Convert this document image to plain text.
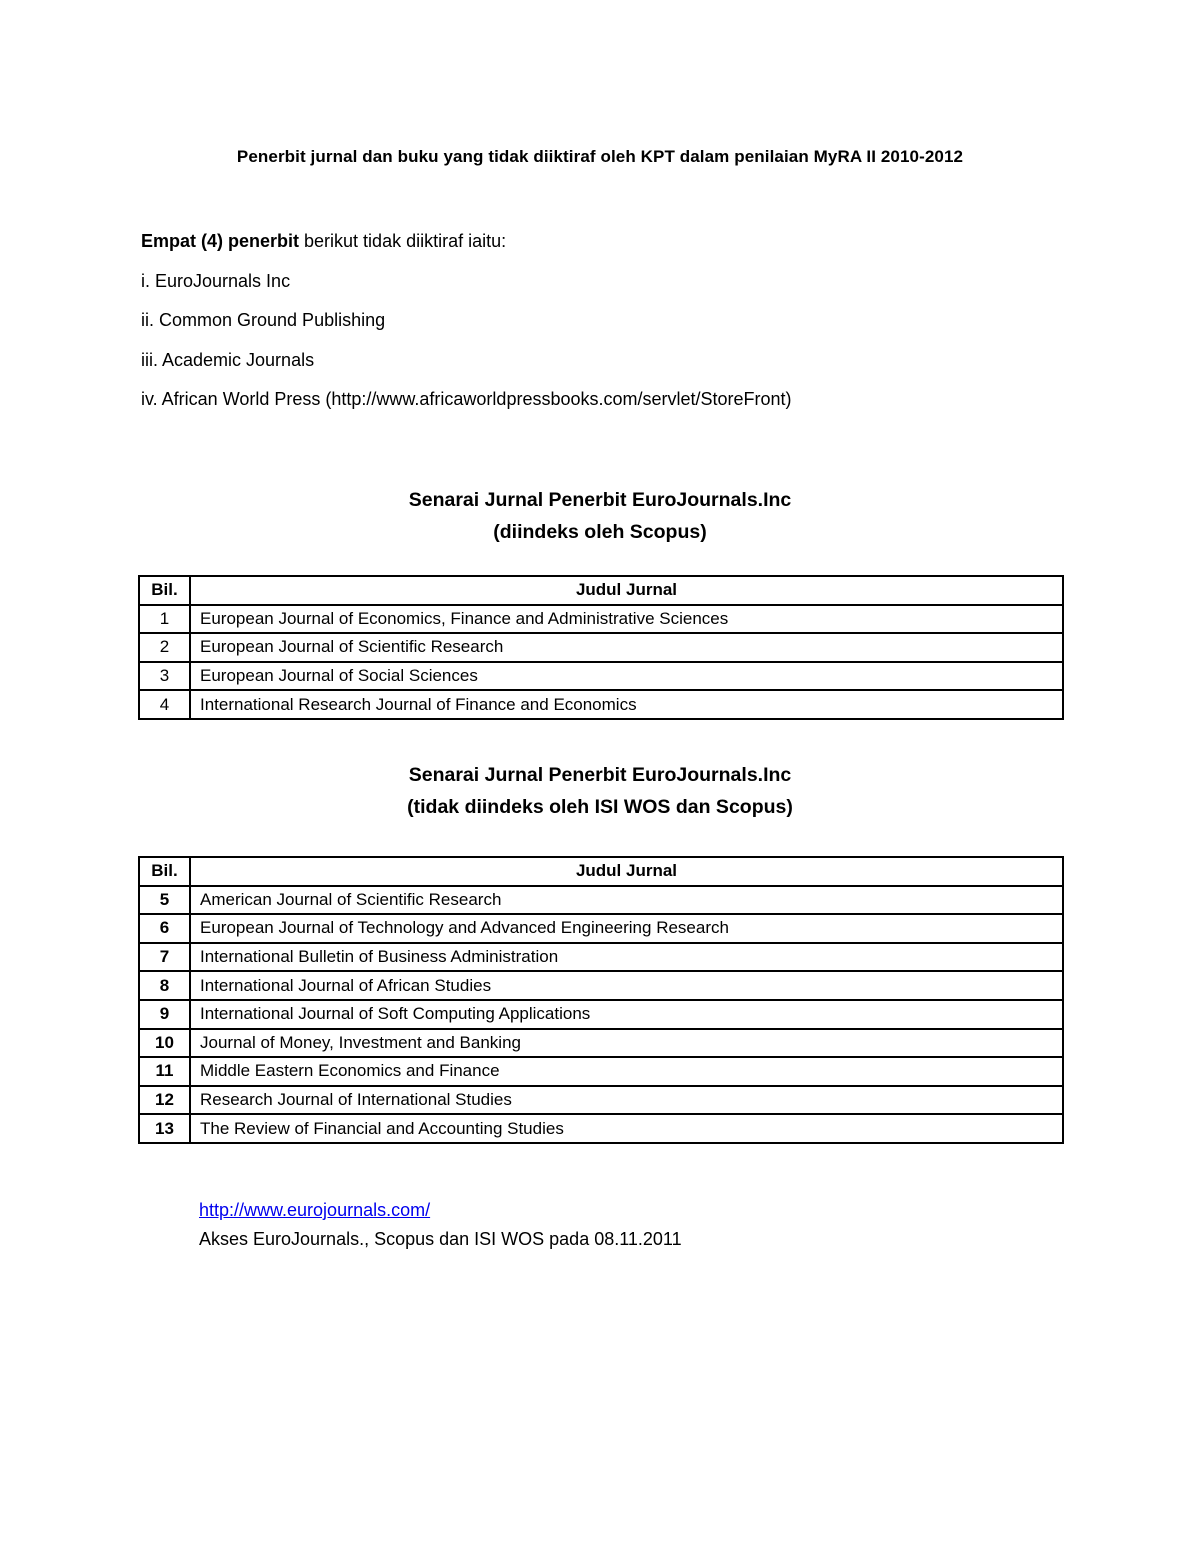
Penerbit jurnal dan buku yang tidak diiktiraf oleh KPT dalam penilaian MyRA II 2010-2012

Empat (4) penerbit berikut tidak diiktiraf iaitu:

i. EuroJournals Inc

ii. Common Ground Publishing

iii. Academic Journals

iv. African World Press (http://www.africaworldpressbooks.com/servlet/StoreFront)

Senarai Jurnal Penerbit EuroJournals.Inc
(diindeks oleh Scopus)
Bil.	Judul Jurnal
1	European Journal of Economics, Finance and Administrative Sciences
2	European Journal of Scientific Research
3	European Journal of Social Sciences
4	International Research Journal of Finance and Economics
Senarai Jurnal Penerbit EuroJournals.Inc
(tidak diindeks oleh ISI WOS dan Scopus)
Bil.	Judul Jurnal
5	American Journal of Scientific Research
6	European Journal of Technology and Advanced Engineering Research
7	International Bulletin of Business Administration
8	International Journal of African Studies
9	International Journal of Soft Computing Applications
10	Journal of Money, Investment and Banking
11	Middle Eastern Economics and Finance
12	Research Journal of International Studies
13	The Review of Financial and Accounting Studies
http://www.eurojournals.com/
Akses EuroJournals., Scopus dan ISI WOS pada 08.11.2011
